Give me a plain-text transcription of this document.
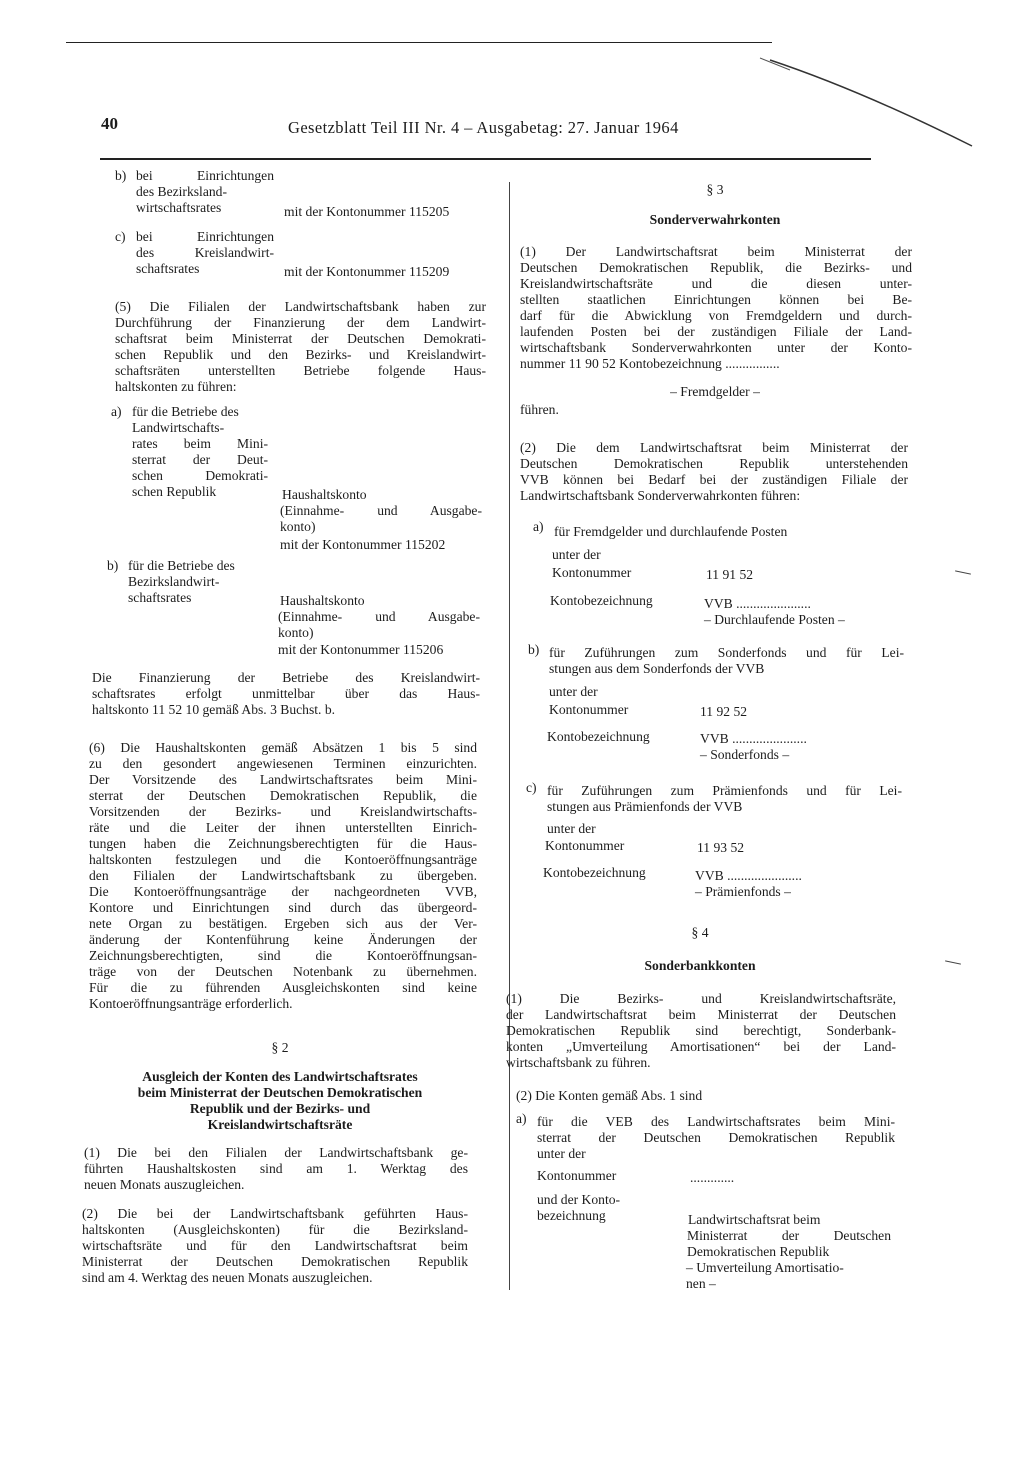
40	Gesetzblatt Teil III Nr. 4 – Ausgabetag: 27. Januar 1964
b) bei Einrichtungen
des Bezirksland-
wirtschaftsrates	mit der Kontonummer 115205
c) bei Einrichtungen
des Kreislandwirt-
schaftsrates	mit der Kontonummer 115209
(5) Die Filialen der Landwirtschaftsbank haben zur
Durchführung der Finanzierung der dem Landwirt-
schaftsrat beim Ministerrat der Deutschen Demokrati-
schen Republik und den Bezirks- und Kreislandwirt-
schaftsräten unterstellten Betriebe folgende Haus-
haltskonten zu führen:
a) für die Betriebe des
Landwirtschafts-
rates beim Mini-
sterrat der Deut-
schen Demokrati-
schen Republik	Haushaltskonto
(Einnahme- und Ausgabe-
konto)
mit der Kontonummer 115202
b) für die Betriebe des
Bezirkslandwirt-
schaftsrates	Haushaltskonto
(Einnahme- und Ausgabe-
konto)
mit der Kontonummer 115206
Die Finanzierung der Betriebe des Kreislandwirt-
schaftsrates erfolgt unmittelbar über das Haus-
haltskonto 11 52 10 gemäß Abs. 3 Buchst. b.
(6) Die Haushaltskonten gemäß Absätzen 1 bis 5 sind
zu den gesondert angewiesenen Terminen einzurichten.
Der Vorsitzende des Landwirtschaftsrates beim Mini-
sterrat der Deutschen Demokratischen Republik, die
Vorsitzenden der Bezirks- und Kreislandwirtschafts-
räte und die Leiter der ihnen unterstellten Einrich-
tungen haben die Zeichnungsberechtigten für die Haus-
haltskonten festzulegen und die Kontoeröffnungsanträge
den Filialen der Landwirtschaftsbank zu übergeben.
Die Kontoeröffnungsanträge der nachgeordneten VVB,
Kontore und Einrichtungen sind durch das übergeord-
nete Organ zu bestätigen. Ergeben sich aus der Ver-
änderung der Kontenführung keine Änderungen der
Zeichnungsberechtigten, sind die Kontoeröffnungsan-
träge von der Deutschen Notenbank zu übernehmen.
Für die zu führenden Ausgleichskonten sind keine
Kontoeröffnungsanträge erforderlich.
§ 2
Ausgleich der Konten des Landwirtschaftsrates
beim Ministerrat der Deutschen Demokratischen
Republik und der Bezirks- und
Kreislandwirtschaftsräte
(1) Die bei den Filialen der Landwirtschaftsbank ge-
führten Haushaltskosten sind am 1. Werktag des
neuen Monats auszugleichen.
(2) Die bei der Landwirtschaftsbank geführten Haus-
haltskonten (Ausgleichskonten) für die Bezirksland-
wirtschaftsräte und für den Landwirtschaftsrat beim
Ministerrat der Deutschen Demokratischen Republik
sind am 4. Werktag des neuen Monats auszugleichen.
§ 3
Sonderverwahrkonten
(1) Der Landwirtschaftsrat beim Ministerrat der
Deutschen Demokratischen Republik, die Bezirks- und
Kreislandwirtschaftsräte und die diesen unter-
stellten staatlichen Einrichtungen können bei Be-
darf für die Abwicklung von Fremdgeldern und durch-
laufenden Posten bei der zuständigen Filiale der Land-
wirtschaftsbank Sonderverwahrkonten unter der Konto-
nummer 11 90 52 Kontobezeichnung ................
– Fremdgelder –
führen.
(2) Die dem Landwirtschaftsrat beim Ministerrat der
Deutschen Demokratischen Republik unterstehenden
VVB können bei Bedarf bei der zuständigen Filiale der
Landwirtschaftsbank Sonderverwahrkonten führen:
a) für Fremdgelder und durchlaufende Posten
unter der
Kontonummer	11 91 52
Kontobezeichnung	VVB ......................
– Durchlaufende Posten –
b) für Zuführungen zum Sonderfonds und für Lei-
stungen aus dem Sonderfonds der VVB
unter der
Kontonummer	11 92 52
Kontobezeichnung	VVB ......................
– Sonderfonds –
c) für Zuführungen zum Prämienfonds und für Lei-
stungen aus Prämienfonds der VVB
unter der
Kontonummer	11 93 52
Kontobezeichnung	VVB ......................
– Prämienfonds –
§ 4
Sonderbankkonten
(1) Die Bezirks- und Kreislandwirtschaftsräte,
der Landwirtschaftsrat beim Ministerrat der Deutschen
Demokratischen Republik sind berechtigt, Sonderbank-
konten „Umverteilung Amortisationen“ bei der Land-
wirtschaftsbank zu führen.
(2) Die Konten gemäß Abs. 1 sind
a) für die VEB des Landwirtschaftsrates beim Mini-
sterrat der Deutschen Demokratischen Republik
unter der
Kontonummer	.............
und der Konto-
bezeichnung	Landwirtschaftsrat beim
Ministerrat der Deutschen
Demokratischen Republik
– Umverteilung Amortisatio-
nen –
